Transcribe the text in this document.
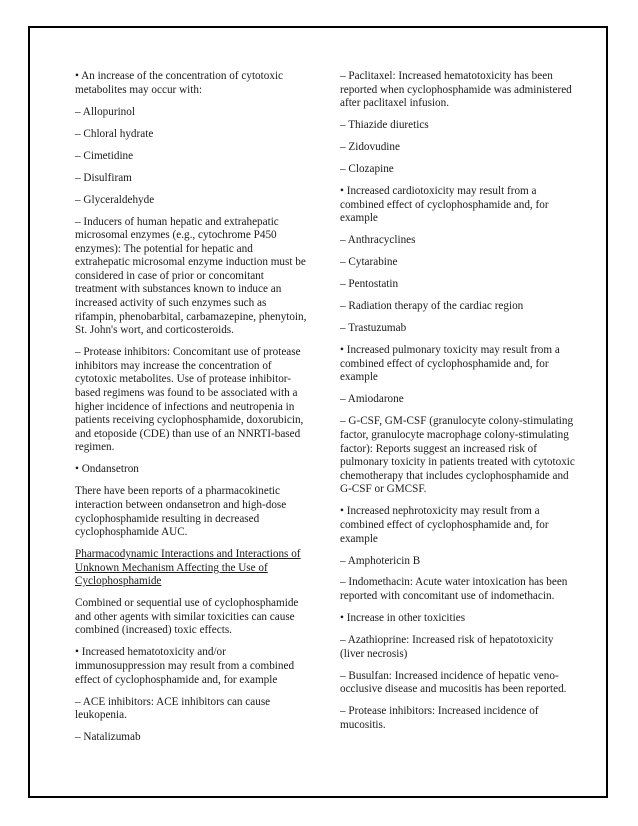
• An increase of the concentration of cytotoxic metabolites may occur with:

– Allopurinol

– Chloral hydrate

– Cimetidine

– Disulfiram

– Glyceraldehyde

– Inducers of human hepatic and extrahepatic microsomal enzymes (e.g., cytochrome P450 enzymes): The potential for hepatic and extrahepatic microsomal enzyme induction must be considered in case of prior or concomitant treatment with substances known to induce an increased activity of such enzymes such as rifampin, phenobarbital, carbamazepine, phenytoin, St. John's wort, and corticosteroids.

– Protease inhibitors: Concomitant use of protease inhibitors may increase the concentration of cytotoxic metabolites. Use of protease inhibitor-based regimens was found to be associated with a higher incidence of infections and neutropenia in patients receiving cyclophosphamide, doxorubicin, and etoposide (CDE) than use of an NNRTI-based regimen.

• Ondansetron

There have been reports of a pharmacokinetic interaction between ondansetron and high-dose cyclophosphamide resulting in decreased cyclophosphamide AUC.

Pharmacodynamic Interactions and Interactions of Unknown Mechanism Affecting the Use of Cyclophosphamide

Combined or sequential use of cyclophosphamide and other agents with similar toxicities can cause combined (increased) toxic effects.

• Increased hematotoxicity and/or immunosuppression may result from a combined effect of cyclophosphamide and, for example

– ACE inhibitors: ACE inhibitors can cause leukopenia.

– Natalizumab

– Paclitaxel: Increased hematotoxicity has been reported when cyclophosphamide was administered after paclitaxel infusion.

– Thiazide diuretics

– Zidovudine

– Clozapine

• Increased cardiotoxicity may result from a combined effect of cyclophosphamide and, for example

– Anthracyclines

– Cytarabine

– Pentostatin

– Radiation therapy of the cardiac region

– Trastuzumab

• Increased pulmonary toxicity may result from a combined effect of cyclophosphamide and, for example

– Amiodarone

– G-CSF, GM-CSF (granulocyte colony-stimulating factor, granulocyte macrophage colony-stimulating factor): Reports suggest an increased risk of pulmonary toxicity in patients treated with cytotoxic chemotherapy that includes cyclophosphamide and G-CSF or GMCSF.

• Increased nephrotoxicity may result from a combined effect of cyclophosphamide and, for example

– Amphotericin B

– Indomethacin: Acute water intoxication has been reported with concomitant use of indomethacin.

• Increase in other toxicities

– Azathioprine: Increased risk of hepatotoxicity (liver necrosis)

– Busulfan: Increased incidence of hepatic veno-occlusive disease and mucositis has been reported.

– Protease inhibitors: Increased incidence of mucositis.
